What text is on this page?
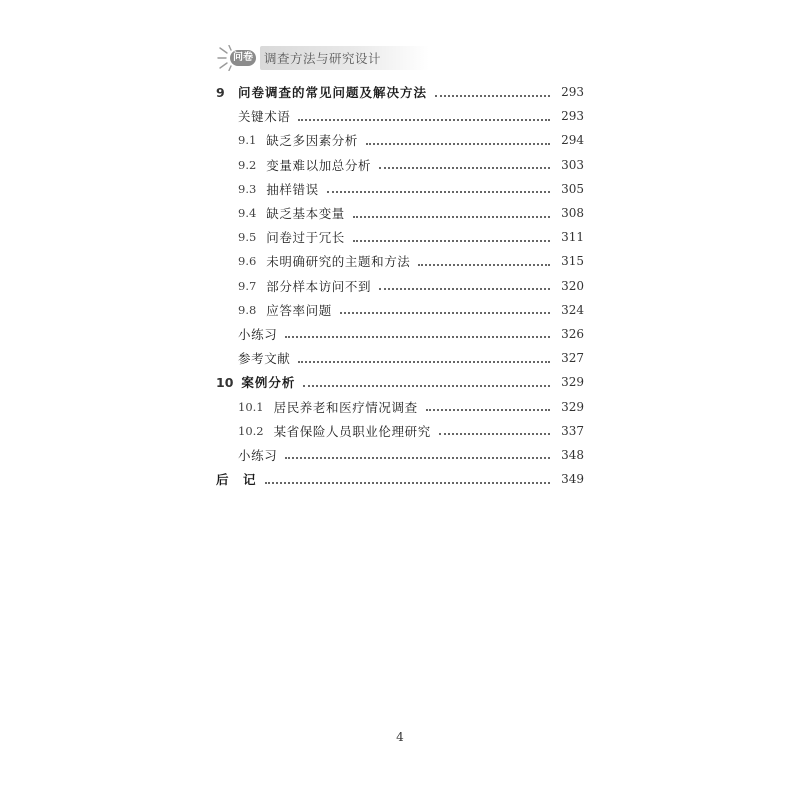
问卷 调查方法与研究设计
9	问卷调查的常见问题及解决方法	293
关键术语	293
9.1 缺乏多因素分析	294
9.2 变量难以加总分析	303
9.3 抽样错误	305
9.4 缺乏基本变量	308
9.5 问卷过于冗长	311
9.6 未明确研究的主题和方法	315
9.7 部分样本访问不到	320
9.8 应答率问题	324
小练习	326
参考文献	327
10 案例分析	329
10.1 居民养老和医疗情况调查	329
10.2 某省保险人员职业伦理研究	337
小练习	348
后　记	349
4
